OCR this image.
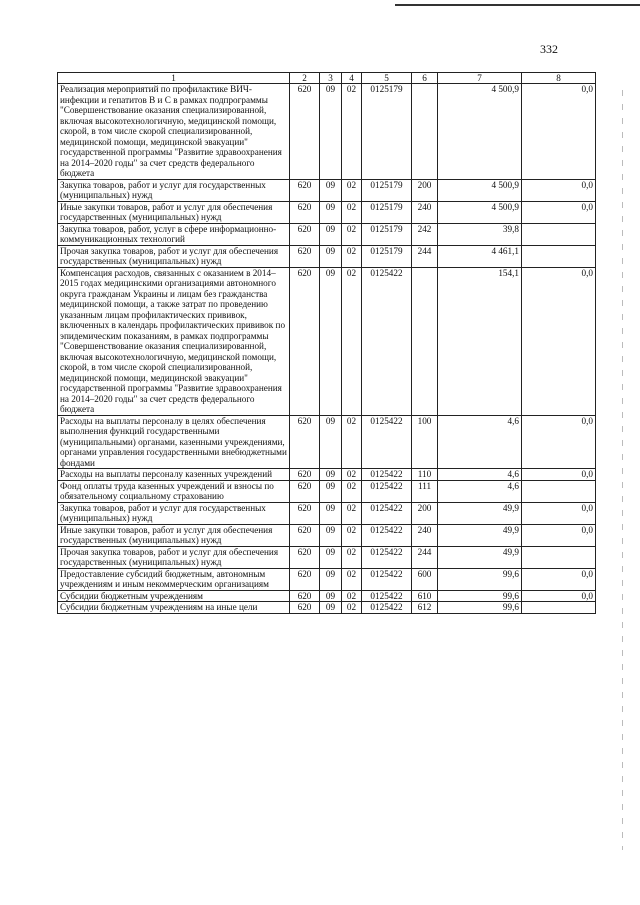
332
1	2	3	4	5	6	7	8
Реализация мероприятий по профилактике ВИЧ-инфекции и гепатитов В и С в рамках подпрограммы "Совершенствование оказания специализированной, включая высокотехнологичную, медицинской помощи, скорой, в том числе скорой специализированной, медицинской помощи, медицинской эвакуации" государственной программы "Развитие здравоохранения на 2014–2020 годы" за счет средств федерального бюджета	620	09	02	0125179		4 500,9	0,0
Закупка товаров, работ и услуг для государственных (муниципальных) нужд	620	09	02	0125179	200	4 500,9	0,0
Иные закупки товаров, работ и услуг для обеспечения государственных (муниципальных) нужд	620	09	02	0125179	240	4 500,9	0,0
Закупка товаров, работ, услуг в сфере информационно-коммуникационных технологий	620	09	02	0125179	242	39,8	
Прочая закупка товаров, работ и услуг для обеспечения государственных (муниципальных) нужд	620	09	02	0125179	244	4 461,1	
Компенсация расходов, связанных с оказанием в 2014–2015 годах медицинскими организациями автономного округа гражданам Украины и лицам без гражданства медицинской помощи, а также затрат по проведению указанным лицам профилактических прививок, включенных в календарь профилактических прививок по эпидемическим показаниям, в рамках подпрограммы "Совершенствование оказания специализированной, включая высокотехнологичную, медицинской помощи, скорой, в том числе скорой специализированной, медицинской помощи, медицинской эвакуации" государственной программы "Развитие здравоохранения на 2014–2020 годы" за счет средств федерального бюджета	620	09	02	0125422		154,1	0,0
Расходы на выплаты персоналу в целях обеспечения выполнения функций государственными (муниципальными) органами, казенными учреждениями, органами управления государственными внебюджетными фондами	620	09	02	0125422	100	4,6	0,0
Расходы на выплаты персоналу казенных учреждений	620	09	02	0125422	110	4,6	0,0
Фонд оплаты труда казенных учреждений и взносы по обязательному социальному страхованию	620	09	02	0125422	111	4,6	
Закупка товаров, работ и услуг для государственных (муниципальных) нужд	620	09	02	0125422	200	49,9	0,0
Иные закупки товаров, работ и услуг для обеспечения государственных (муниципальных) нужд	620	09	02	0125422	240	49,9	0,0
Прочая закупка товаров, работ и услуг для обеспечения государственных (муниципальных) нужд	620	09	02	0125422	244	49,9	
Предоставление субсидий бюджетным, автономным учреждениям и иным некоммерческим организациям	620	09	02	0125422	600	99,6	0,0
Субсидии бюджетным учреждениям	620	09	02	0125422	610	99,6	0,0
Субсидии бюджетным учреждениям на иные цели	620	09	02	0125422	612	99,6	
